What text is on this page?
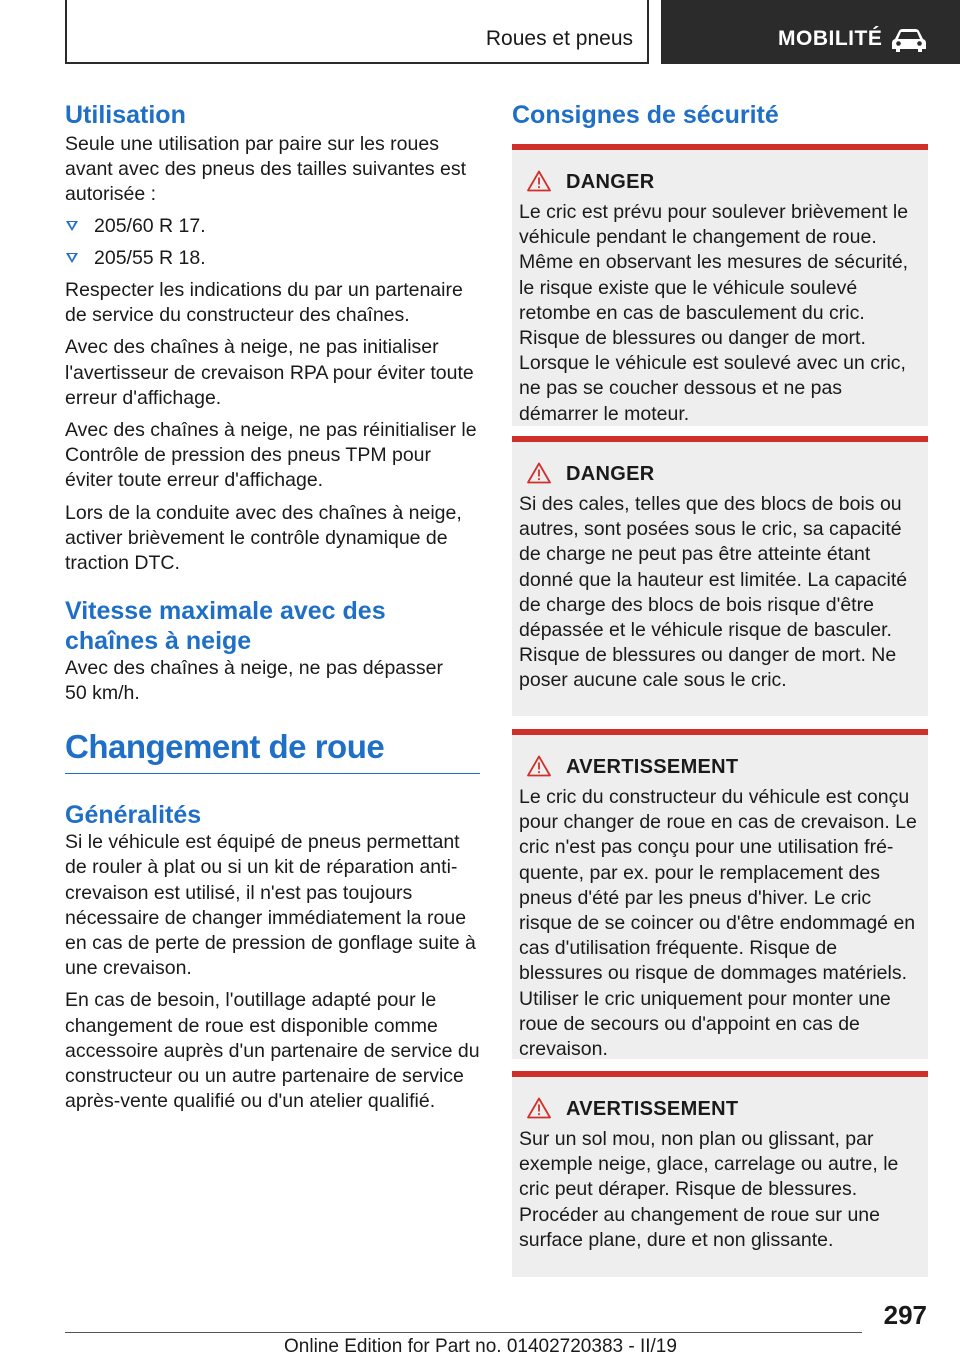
Roues et pneus	MOBILITÉ
Utilisation

Seule une utilisation par paire sur les roues avant avec des pneus des tailles suivantes est autorisée :

205/60 R 17.
205/55 R 18.

Respecter les indications du par un partenaire de service du constructeur des chaînes.

Avec des chaînes à neige, ne pas initialiser l'avertisseur de crevaison RPA pour éviter toute erreur d'affichage.

Avec des chaînes à neige, ne pas réinitialiser le Contrôle de pression des pneus TPM pour éviter toute erreur d'affichage.

Lors de la conduite avec des chaînes à neige, activer brièvement le contrôle dynamique de traction DTC.

Vitesse maximale avec des
chaînes à neige

Avec des chaînes à neige, ne pas dépasser

50 km/h.

Changement de roue
Généralités

Si le véhicule est équipé de pneus permettant de rouler à plat ou si un kit de réparation anti-crevaison est utilisé, il n'est pas toujours nécessaire de changer immédiatement la roue en cas de perte de pression de gonflage suite à une crevaison.

En cas de besoin, l'outillage adapté pour le changement de roue est disponible comme accessoire auprès d'un partenaire de service du constructeur ou un autre partenaire de service après-vente qualifié ou d'un atelier qualifié.

Consignes de sécurité
DANGER

Le cric est prévu pour soulever brièvement le véhicule pendant le changement de roue. Même en observant les mesures de sécurité, le risque existe que le véhicule soulevé retombe en cas de basculement du cric. Risque de blessures ou danger de mort. Lorsque le véhicule est soulevé avec un cric, ne pas se coucher dessous et ne pas démarrer le moteur.

DANGER

Si des cales, telles que des blocs de bois ou autres, sont posées sous le cric, sa capacité de charge ne peut pas être atteinte étant donné que la hauteur est limitée. La capacité de charge des blocs de bois risque d'être dépassée et le véhicule risque de basculer. Risque de blessures ou danger de mort. Ne poser aucune cale sous le cric.

AVERTISSEMENT

Le cric du constructeur du véhicule est conçu pour changer de roue en cas de crevaison. Le cric n'est pas conçu pour une utilisation fréquente, par ex. pour le remplacement des pneus d'été par les pneus d'hiver. Le cric risque de se coincer ou d'être endommagé en cas d'utilisation fréquente. Risque de blessures ou risque de dommages matériels. Utiliser le cric uniquement pour monter une roue de secours ou d'appoint en cas de crevaison.

AVERTISSEMENT

Sur un sol mou, non plan ou glissant, par exemple neige, glace, carrelage ou autre, le cric peut déraper. Risque de blessures. Procéder au changement de roue sur une surface plane, dure et non glissante.

297
Online Edition for Part no. 01402720383 - II/19
